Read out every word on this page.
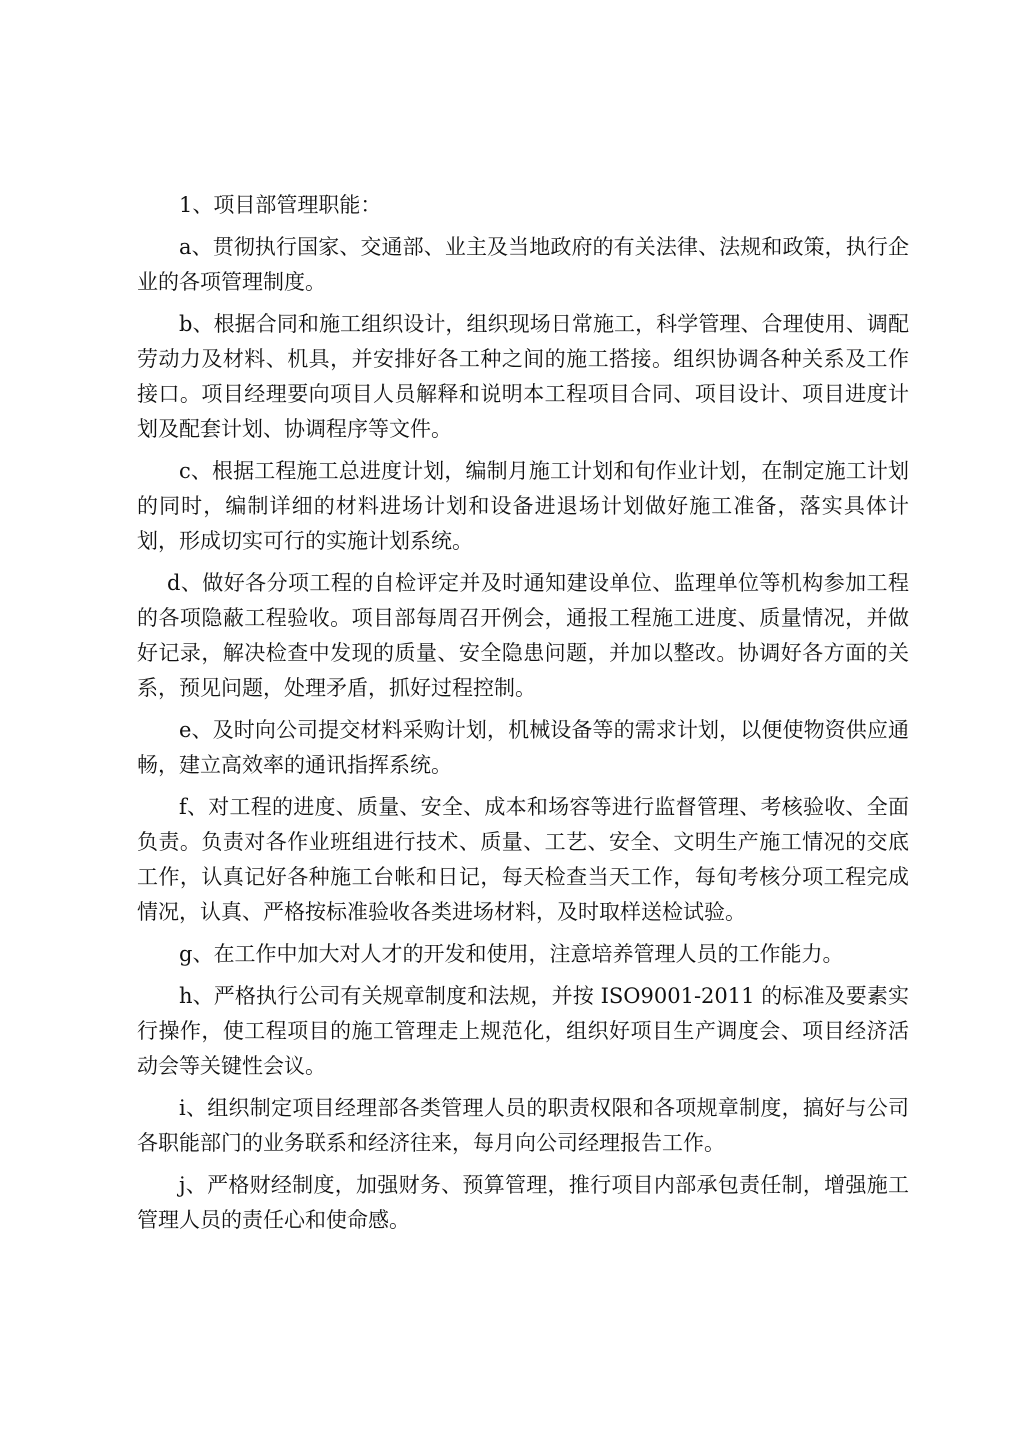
1、项目部管理职能：

a、贯彻执行国家、交通部、业主及当地政府的有关法律、法规和政策，执行企业的各项管理制度。

b、根据合同和施工组织设计，组织现场日常施工，科学管理、合理使用、调配劳动力及材料、机具，并安排好各工种之间的施工搭接。组织协调各种关系及工作接口。项目经理要向项目人员解释和说明本工程项目合同、项目设计、项目进度计划及配套计划、协调程序等文件。

c、根据工程施工总进度计划，编制月施工计划和旬作业计划，在制定施工计划的同时，编制详细的材料进场计划和设备进退场计划做好施工准备，落实具体计划，形成切实可行的实施计划系统。

d、做好各分项工程的自检评定并及时通知建设单位、监理单位等机构参加工程的各项隐蔽工程验收。项目部每周召开例会，通报工程施工进度、质量情况，并做好记录，解决检查中发现的质量、安全隐患问题，并加以整改。协调好各方面的关系，预见问题，处理矛盾，抓好过程控制。

e、及时向公司提交材料采购计划，机械设备等的需求计划，以便使物资供应通畅，建立高效率的通讯指挥系统。

f、对工程的进度、质量、安全、成本和场容等进行监督管理、考核验收、全面负责。负责对各作业班组进行技术、质量、工艺、安全、文明生产施工情况的交底工作，认真记好各种施工台帐和日记，每天检查当天工作，每旬考核分项工程完成情况，认真、严格按标准验收各类进场材料，及时取样送检试验。

g、在工作中加大对人才的开发和使用，注意培养管理人员的工作能力。

h、严格执行公司有关规章制度和法规，并按 ISO9001-2011 的标准及要素实行操作，使工程项目的施工管理走上规范化，组织好项目生产调度会、项目经济活动会等关键性会议。

i、组织制定项目经理部各类管理人员的职责权限和各项规章制度，搞好与公司各职能部门的业务联系和经济往来，每月向公司经理报告工作。

j、严格财经制度，加强财务、预算管理，推行项目内部承包责任制，增强施工管理人员的责任心和使命感。
